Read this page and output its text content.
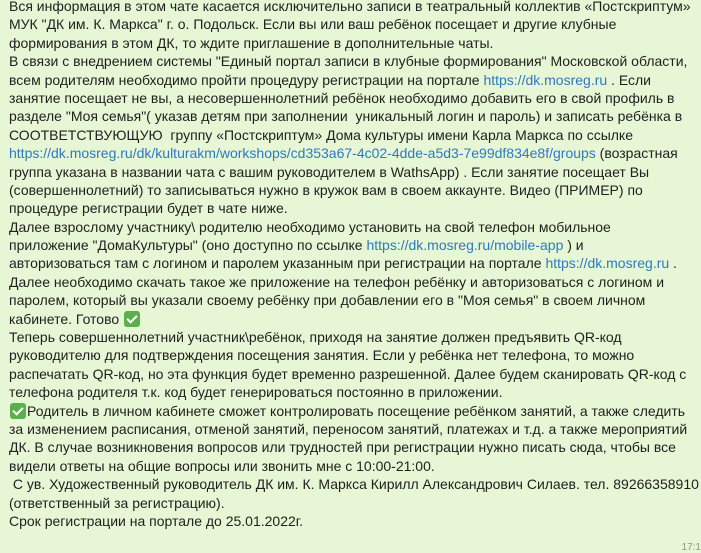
Вся информация в этом чате касается исключительно записи в театральный коллектив «Постскриптум»
МУК "ДК им. К. Маркса" г. о. Подольск. Если вы или ваш ребёнок посещает и другие клубные
формирования в этом ДК, то ждите приглашение в дополнительные чаты.
В связи с внедрением системы "Единый портал записи в клубные формирования" Московской области,
всем родителям необходимо пройти процедуру регистрации на портале https://dk.mosreg.ru . Если
занятие посещает не вы, а несовершеннолетний ребёнок необходимо добавить его в свой профиль в
разделе "Моя семья"( указав детям при заполнении  уникальный логин и пароль) и записать ребёнка в
СООТВЕТСТВУЮЩУЮ  группу «Постскриптум» Дома культуры имени Карла Маркса по ссылке
https://dk.mosreg.ru/dk/kulturakm/workshops/cd353a67-4c02-4dde-a5d3-7e99df834e8f/groups (возрастная
группа указана в названии чата с вашим руководителем в WathsApp) . Если занятие посещает Вы
(совершеннолетний) то записываться нужно в кружок вам в своем аккаунте. Видео (ПРИМЕР) по
процедуре регистрации будет в чате ниже.
Далее взрослому участнику\ родителю необходимо установить на свой телефон мобильное
приложение "ДомаКультуры" (оно доступно по ссылке https://dk.mosreg.ru/mobile-app ) и
авторизоваться там с логином и паролем указанным при регистрации на портале https://dk.mosreg.ru .
Далее необходимо скачать такое же приложение на телефон ребёнку и авторизоваться с логином и
паролем, который вы указали своему ребёнку при добавлении его в "Моя семья" в своем личном
кабинете. Готово
Теперь совершеннолетний участник\ребёнок, приходя на занятие должен предъявить QR-код
руководителю для подтверждения посещения занятия. Если у ребёнка нет телефона, то можно
распечатать QR-код, но эта функция будет временно разрешенной. Далее будем сканировать QR-код с
телефона родителя т.к. код будет генерироваться постоянно в приложении.
Родитель в личном кабинете сможет контролировать посещение ребёнком занятий, а также следить
за изменением расписания, отменой занятий, переносом занятий, платежах и т.д. а также мероприятий
ДК. В случае возникновения вопросов или трудностей при регистрации нужно писать сюда, чтобы все
видели ответы на общие вопросы или звонить мне с 10:00-21:00.
С ув. Художественный руководитель ДК им. К. Маркса Кирилл Александрович Силаев. тел. 89266358910
(ответственный за регистрацию).
Срок регистрации на портале до 25.01.2022г.
17:1
